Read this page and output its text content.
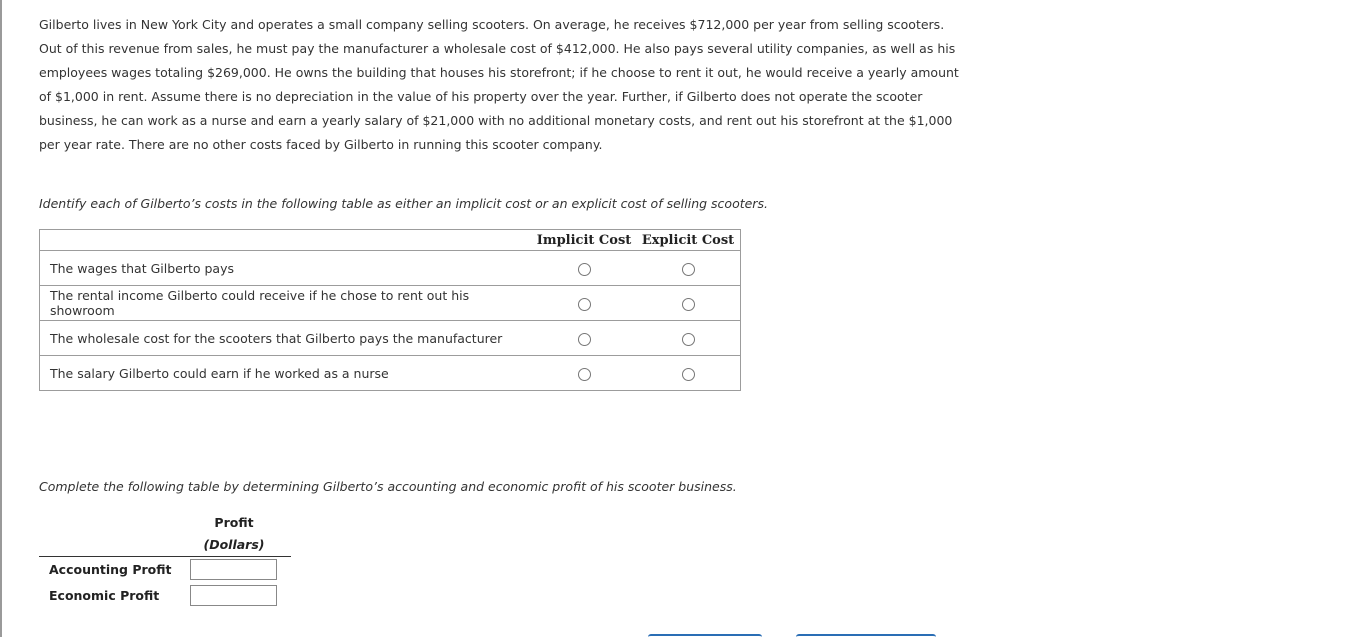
Gilberto lives in New York City and operates a small company selling scooters. On average, he receives $712,000 per year from selling scooters. Out of this revenue from sales, he must pay the manufacturer a wholesale cost of $412,000. He also pays several utility companies, as well as his employees wages totaling $269,000. He owns the building that houses his storefront; if he choose to rent it out, he would receive a yearly amount of $1,000 in rent. Assume there is no depreciation in the value of his property over the year. Further, if Gilberto does not operate the scooter business, he can work as a nurse and earn a yearly salary of $21,000 with no additional monetary costs, and rent out his storefront at the $1,000 per year rate. There are no other costs faced by Gilberto in running this scooter company.

Identify each of Gilberto’s costs in the following table as either an implicit cost or an explicit cost of selling scooters.

	Implicit Cost	Explicit Cost
The wages that Gilberto pays		
The rental income Gilberto could receive if he chose to rent out his showroom		
The wholesale cost for the scooters that Gilberto pays the manufacturer		
The salary Gilberto could earn if he worked as a nurse		

Complete the following table by determining Gilberto’s accounting and economic profit of his scooter business.

Profit

(Dollars)

Accounting Profit
Economic Profit
